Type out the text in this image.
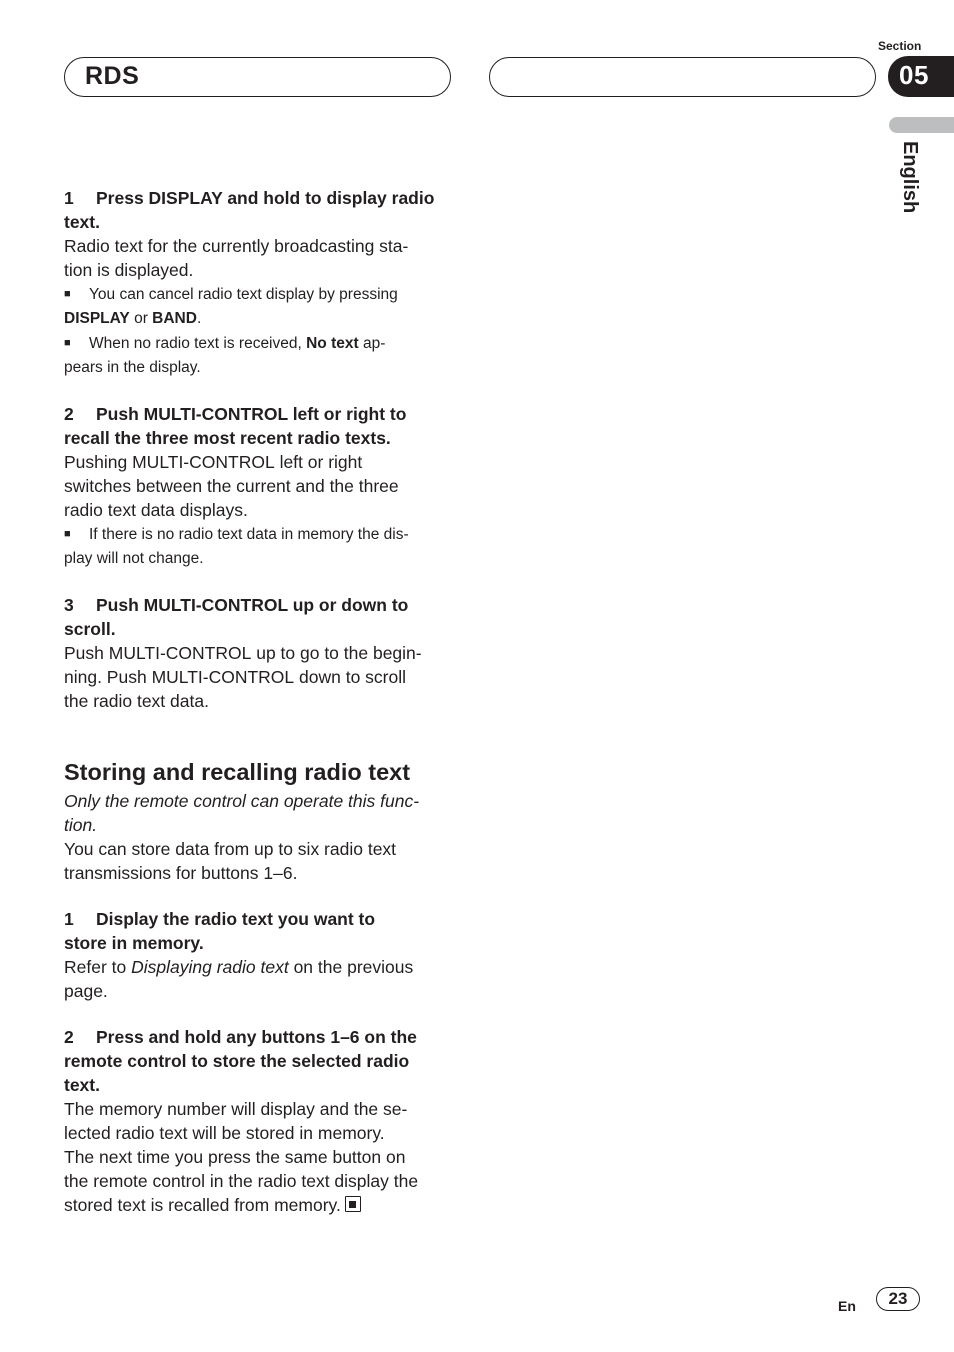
RDS
Section
05
English

1 Press DISPLAY and hold to display radio

text.

Radio text for the currently broadcasting sta-

tion is displayed.

■ You can cancel radio text display by pressing

DISPLAY or BAND.

■ When no radio text is received, No text ap-

pears in the display.

2 Push MULTI-CONTROL left or right to

recall the three most recent radio texts.

Pushing MULTI-CONTROL left or right

switches between the current and the three

radio text data displays.

■ If there is no radio text data in memory the dis-

play will not change.

3 Push MULTI-CONTROL up or down to

scroll.

Push MULTI-CONTROL up to go to the begin-

ning. Push MULTI-CONTROL down to scroll

the radio text data.

Storing and recalling radio text

Only the remote control can operate this func-

tion.

You can store data from up to six radio text

transmissions for buttons 1–6.

1 Display the radio text you want to

store in memory.

Refer to Displaying radio text on the previous

page.

2 Press and hold any buttons 1–6 on the

remote control to store the selected radio

text.

The memory number will display and the se-

lected radio text will be stored in memory.

The next time you press the same button on

the remote control in the radio text display the

stored text is recalled from memory.

En	23
